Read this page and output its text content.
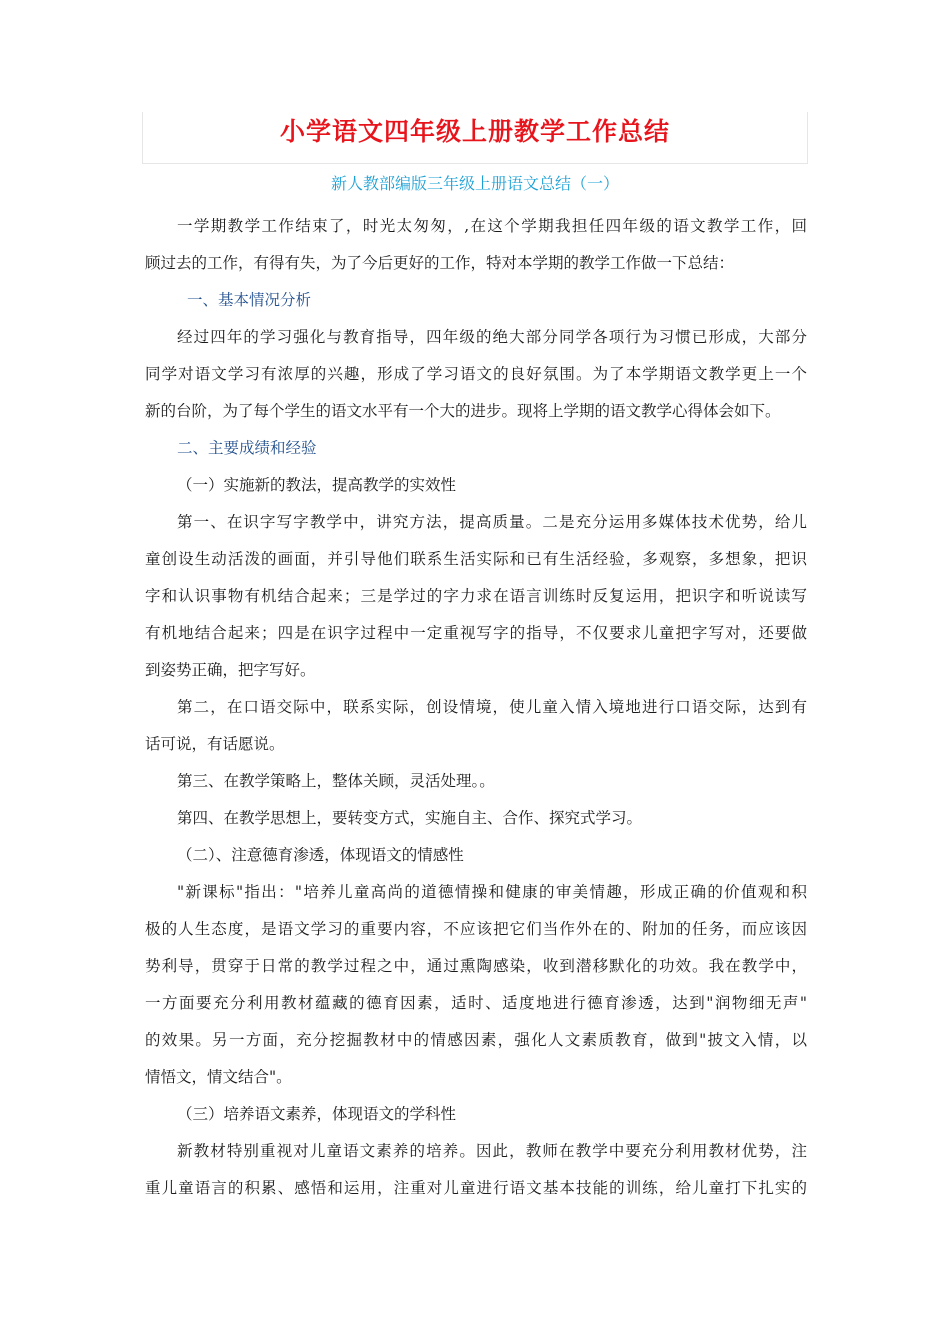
小学语文四年级上册教学工作总结
新人教部编版三年级上册语文总结（一）
一学期教学工作结束了，时光太匆匆，,在这个学期我担任四年级的语文教学工作，回
顾过去的工作，有得有失，为了今后更好的工作，特对本学期的教学工作做一下总结：
一、基本情况分析
经过四年的学习强化与教育指导，四年级的绝大部分同学各项行为习惯已形成，大部分
同学对语文学习有浓厚的兴趣，形成了学习语文的良好氛围。为了本学期语文教学更上一个
新的台阶，为了每个学生的语文水平有一个大的进步。现将上学期的语文教学心得体会如下。
二、主要成绩和经验
（一）实施新的教法，提高教学的实效性
第一、在识字写字教学中，讲究方法，提高质量。二是充分运用多媒体技术优势，给儿
童创设生动活泼的画面，并引导他们联系生活实际和已有生活经验，多观察，多想象，把识
字和认识事物有机结合起来；三是学过的字力求在语言训练时反复运用，把识字和听说读写
有机地结合起来；四是在识字过程中一定重视写字的指导，不仅要求儿童把字写对，还要做
到姿势正确，把字写好。
第二，在口语交际中，联系实际，创设情境，使儿童入情入境地进行口语交际，达到有
话可说，有话愿说。
第三、在教学策略上，整体关顾，灵活处理。。
第四、在教学思想上，要转变方式，实施自主、合作、探究式学习。
（二）、注意德育渗透，体现语文的情感性
"新课标"指出："培养儿童高尚的道德情操和健康的审美情趣，形成正确的价值观和积
极的人生态度，是语文学习的重要内容，不应该把它们当作外在的、附加的任务，而应该因
势利导，贯穿于日常的教学过程之中，通过熏陶感染，收到潜移默化的功效。我在教学中，
一方面要充分利用教材蕴藏的德育因素，适时、适度地进行德育渗透，达到"润物细无声"
的效果。另一方面，充分挖掘教材中的情感因素，强化人文素质教育，做到"披文入情，以
情悟文，情文结合"。
（三）培养语文素养，体现语文的学科性
新教材特别重视对儿童语文素养的培养。因此，教师在教学中要充分利用教材优势，注
重儿童语言的积累、感悟和运用，注重对儿童进行语文基本技能的训练，给儿童打下扎实的
